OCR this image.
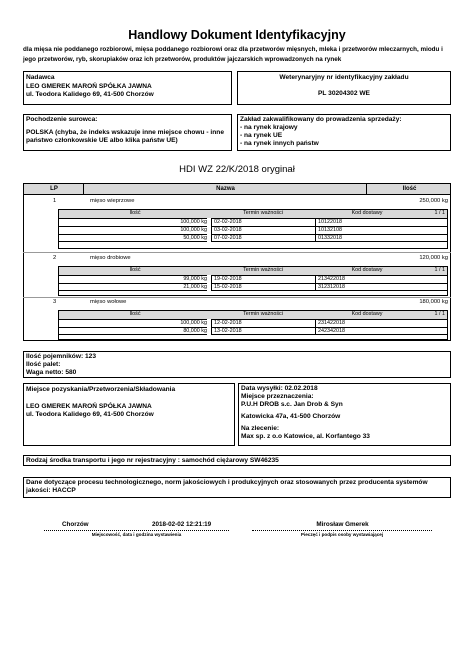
Handlowy Dokument Identyfikacyjny
dla mięsa nie poddanego rozbiorowi, mięsa poddanego rozbiorowi oraz dla przetworów mięsnych, mleka i przetworów mleczarnych, miodu i jego przetworów, ryb, skorupiaków oraz ich przetworów, produktów jajczarskich wprowadzonych na rynek
Nadawca
LEO GMEREK MAROŃ SPÓŁKA JAWNA
ul. Teodora Kalidego 69, 41-500 Chorzów
Weterynaryjny nr identyfikacyjny zakładu
PL 30204302 WE
Pochodzenie surowca:
POLSKA (chyba, że indeks wskazuje inne miejsce chowu - inne państwo członkowskie UE albo klika państw UE)
Zakład zakwalifikowany do prowadzenia sprzedaży:
- na rynek krajowy
- na rynek UE
- na rynek innych państw
HDI WZ 22/K/2018 oryginał
LP	Nazwa	Ilość
1	mięso wieprzowe	250,000 kg
Ilość	Termin ważności	Kod dostawy	1 / 1
100,000 kg	02-02-2018	10122018
100,000 kg	03-02-2018	10132108
50,000 kg	07-02-2018	01332018
2	mięso drobiowe	120,000 kg
Ilość	Termin ważności	Kod dostawy	1 / 1
99,000 kg	19-02-2018	213422018
21,000 kg	15-02-2018	312312018
3	mięso wołowe	180,000 kg
Ilość	Termin ważności	Kod dostawy	1 / 1
100,000 kg	12-02-2018	231422018
80,000 kg	13-02-2018	242342018
Ilość pojemników: 123
Ilość palet:
Waga netto: 580
Miejsce pozyskania/Przetworzenia/Składowania
LEO GMEREK MAROŃ SPÓŁKA JAWNA
ul. Teodora Kalidego 69, 41-500 Chorzów
Data wysyłki: 02.02.2018
Miejsce przeznaczenia:
P.U.H DROB s.c. Jan Drob & Syn
Katowicka 47a, 41-500 Chorzów
Na zlecenie:
Max sp. z o.o Katowice, al. Korfantego 33
Rodzaj środka transportu i jego nr rejestracyjny : samochód ciężarowy SW46235
Dane dotyczące procesu technologicznego, norm jakościowych i produkcyjnych oraz stosowanych przez producenta systemów jakości: HACCP
Chorzów	2018-02-02 12:21:19
Miejscowość, data i godzina wystawienia
Mirosław Gmerek
Pieczęć i podpis osoby wystawiającej
